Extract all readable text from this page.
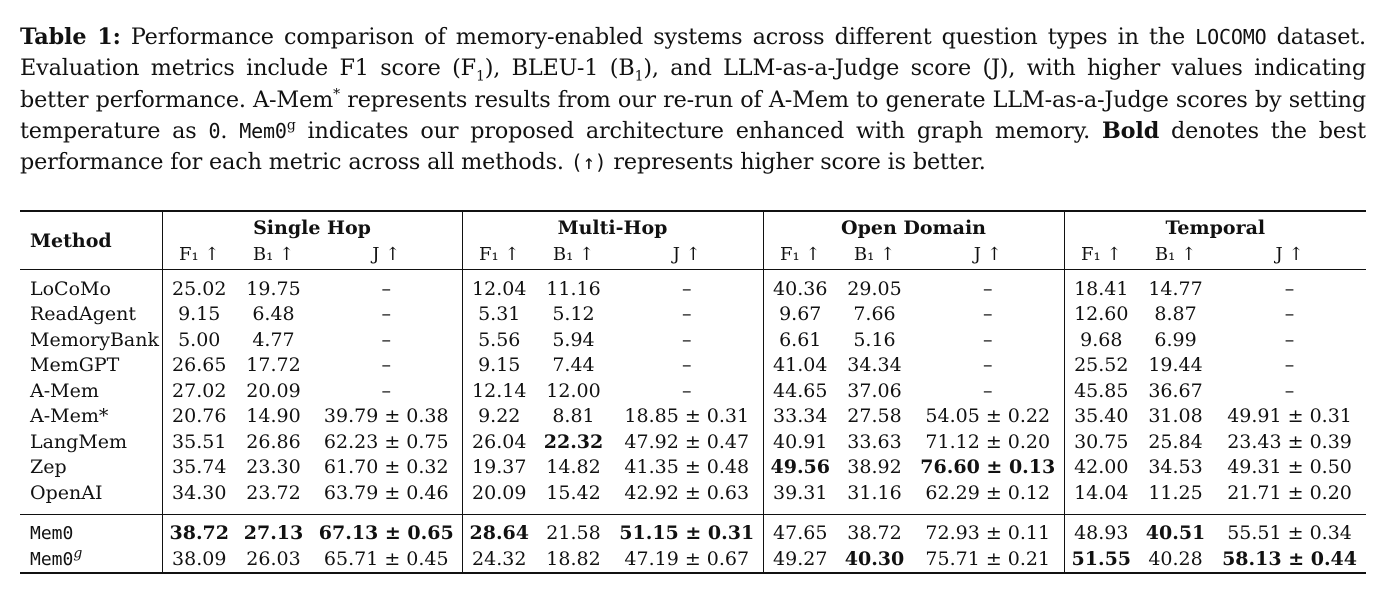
Table 1: Performance comparison of memory-enabled systems across different question types in the LOCOMO dataset. Evaluation metrics include F1 score $(F_1)$, BLEU-1 $(B_1)$, and LLM-as-a-Judge score (J), with higher values indicating better performance. A-Mem* represents results from our re-run of A-Mem to generate LLM-as-a-Judge scores by setting temperature as 0. Mem0$^g$ indicates our proposed architecture enhanced with graph memory. Bold denotes the best performance for each metric across all methods. (↑) represents higher score is better.
Method	Single Hop			Multi-Hop			Open Domain			Temporal		
	F₁ ↑	B₁ ↑	J ↑	F₁ ↑	B₁ ↑	J ↑	F₁ ↑	B₁ ↑	J ↑	F₁ ↑	B₁ ↑	J ↑

LoCoMo	25.02	19.75	–	12.04	11.16	–	40.36	29.05	–	18.41	14.77	–
ReadAgent	9.15	6.48	–	5.31	5.12	–	9.67	7.66	–	12.60	8.87	–
MemoryBank	5.00	4.77	–	5.56	5.94	–	6.61	5.16	–	9.68	6.99	–
MemGPT	26.65	17.72	–	9.15	7.44	–	41.04	34.34	–	25.52	19.44	–
A-Mem	27.02	20.09	–	12.14	12.00	–	44.65	37.06	–	45.85	36.67	–
A-Mem*	20.76	14.90	39.79 ± 0.38	9.22	8.81	18.85 ± 0.31	33.34	27.58	54.05 ± 0.22	35.40	31.08	49.91 ± 0.31
LangMem	35.51	26.86	62.23 ± 0.75	26.04	22.32	47.92 ± 0.47	40.91	33.63	71.12 ± 0.20	30.75	25.84	23.43 ± 0.39
Zep	35.74	23.30	61.70 ± 0.32	19.37	14.82	41.35 ± 0.48	49.56	38.92	76.60 ± 0.13	42.00	34.53	49.31 ± 0.50
OpenAI	34.30	23.72	63.79 ± 0.46	20.09	15.42	42.92 ± 0.63	39.31	31.16	62.29 ± 0.12	14.04	11.25	21.71 ± 0.20

Mem0	38.72	27.13	67.13 ± 0.65	28.64	21.58	51.15 ± 0.31	47.65	38.72	72.93 ± 0.11	48.93	40.51	55.51 ± 0.34
Mem0$^g$	38.09	26.03	65.71 ± 0.45	24.32	18.82	47.19 ± 0.67	49.27	40.30	75.71 ± 0.21	51.55	40.28	58.13 ± 0.44
